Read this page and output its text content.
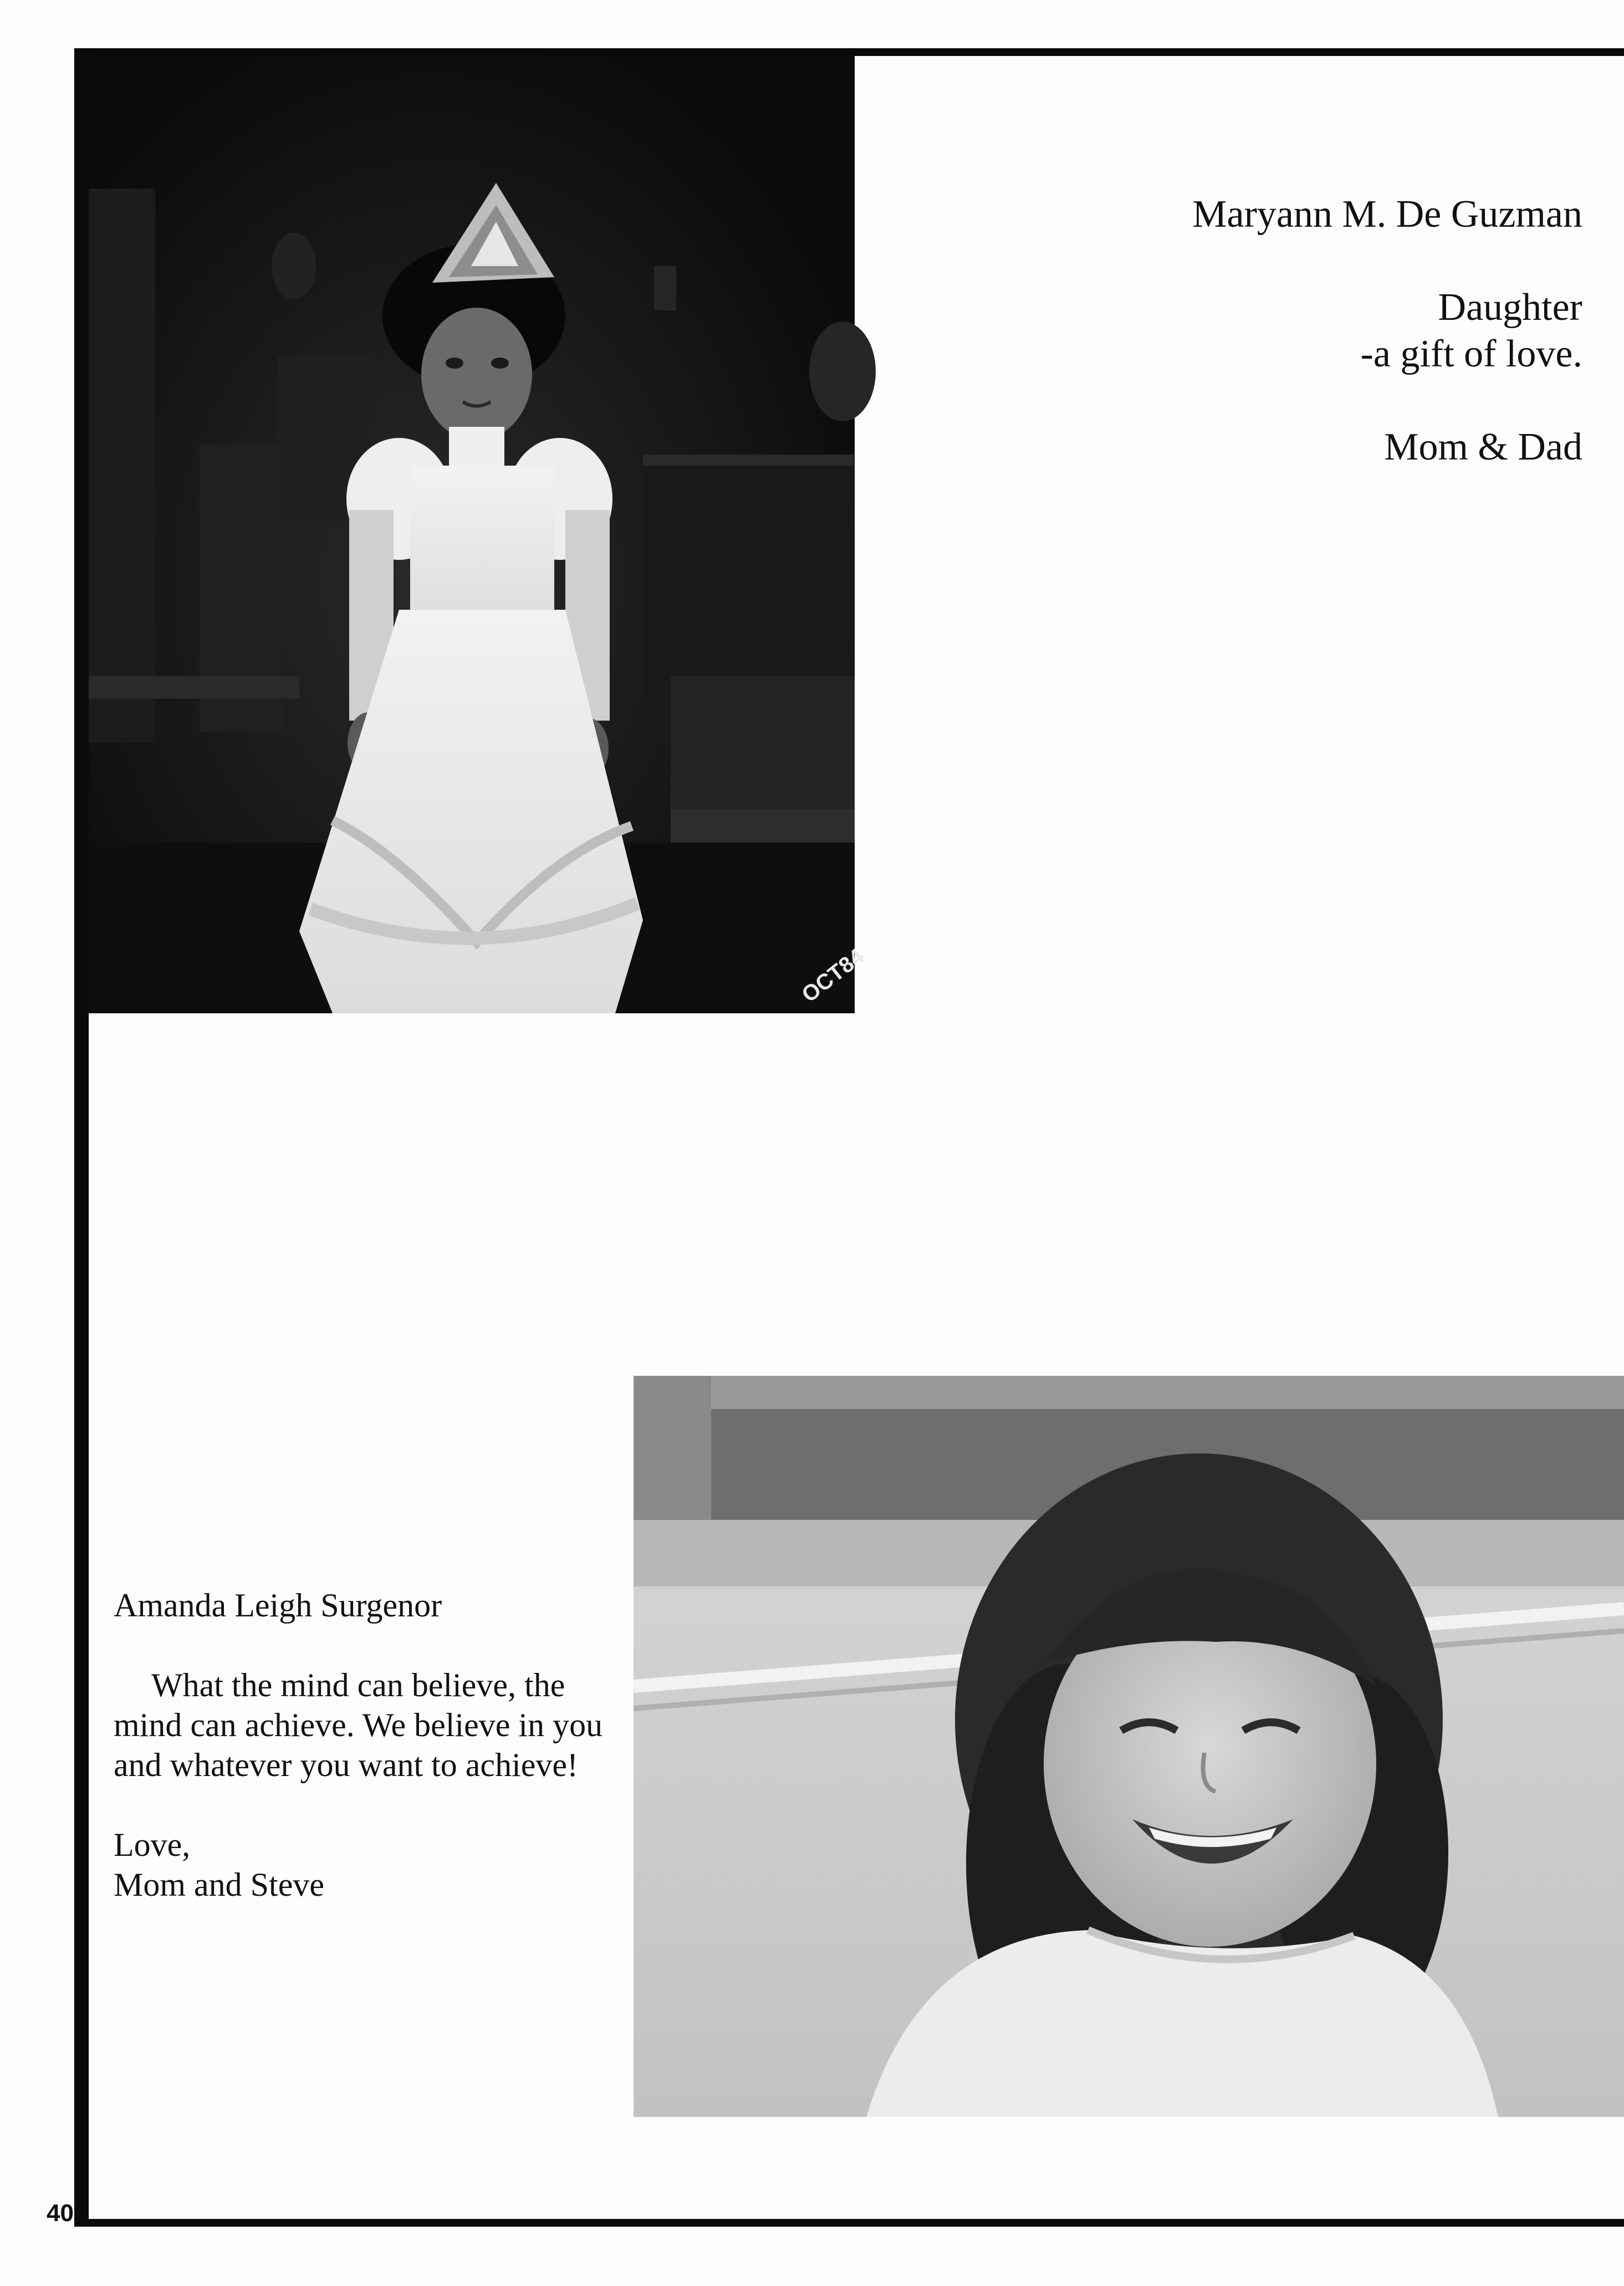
OCT84
Maryann M. De Guzman
Daughter
-a gift of love.
Mom & Dad
Amanda Leigh Surgenor
What the mind can believe, the
mind can achieve. We believe in you
and whatever you want to achieve!
Love,
Mom and Steve
40
